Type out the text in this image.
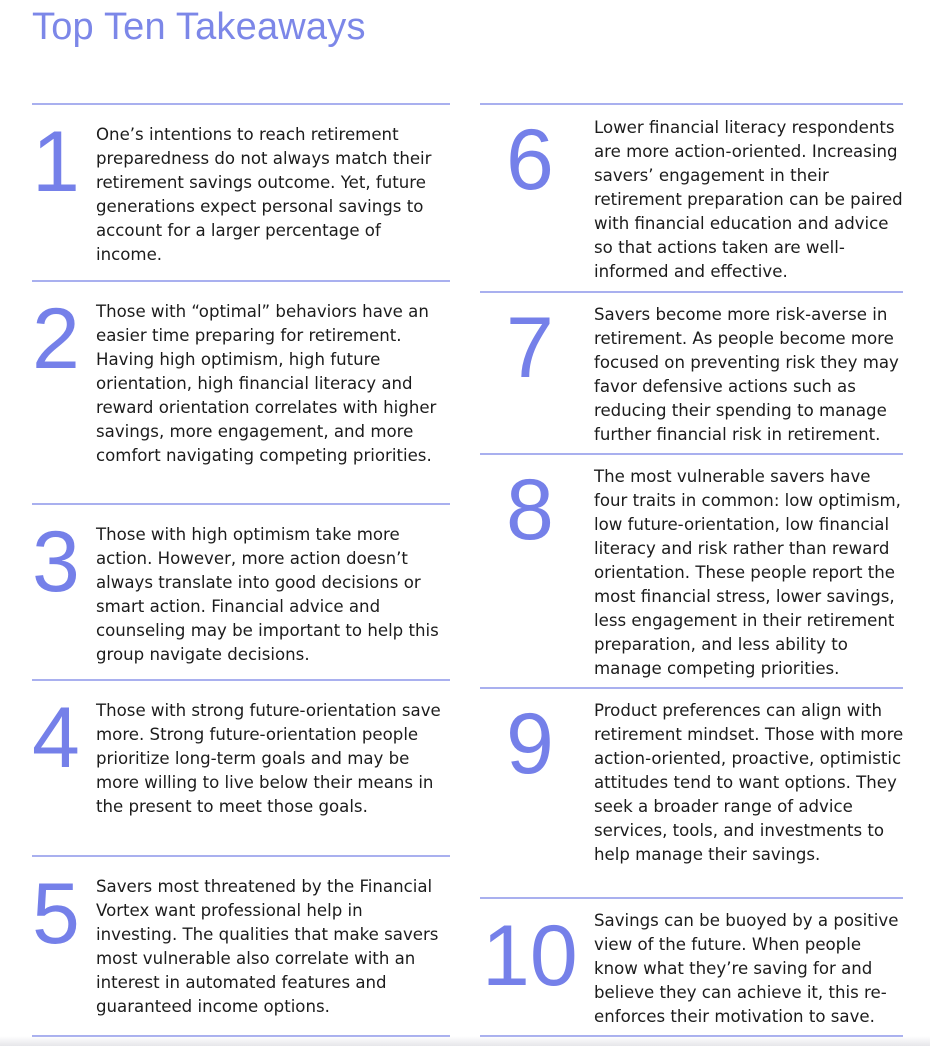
Top Ten Takeaways
1 One’s intentions to reach retirement preparedness do not always match their retirement savings outcome. Yet, future generations expect personal savings to account for a larger percentage of income.

2 Those with “optimal” behaviors have an easier time preparing for retirement. Having high optimism, high future orientation, high financial literacy and reward orientation correlates with higher savings, more engagement, and more comfort navigating competing priorities.

3 Those with high optimism take more action. However, more action doesn’t always translate into good decisions or smart action. Financial advice and counseling may be important to help this group navigate decisions.

4 Those with strong future-orientation save more. Strong future-orientation people prioritize long-term goals and may be more willing to live below their means in the present to meet those goals.

5 Savers most threatened by the Financial Vortex want professional help in investing. The qualities that make savers most vulnerable also correlate with an interest in automated features and guaranteed income options.

6 Lower financial literacy respondents are more action-oriented. Increasing savers’ engagement in their retirement preparation can be paired with financial education and advice so that actions taken are well-informed and effective.

7 Savers become more risk-averse in retirement. As people become more focused on preventing risk they may favor defensive actions such as reducing their spending to manage further financial risk in retirement.

8 The most vulnerable savers have four traits in common: low optimism, low future-orientation, low financial literacy and risk rather than reward orientation. These people report the most financial stress, lower savings, less engagement in their retirement preparation, and less ability to manage competing priorities.

9 Product preferences can align with retirement mindset. Those with more action-oriented, proactive, optimistic attitudes tend to want options. They seek a broader range of advice services, tools, and investments to help manage their savings.

10 Savings can be buoyed by a positive view of the future. When people know what they’re saving for and believe they can achieve it, this re-enforces their motivation to save.
